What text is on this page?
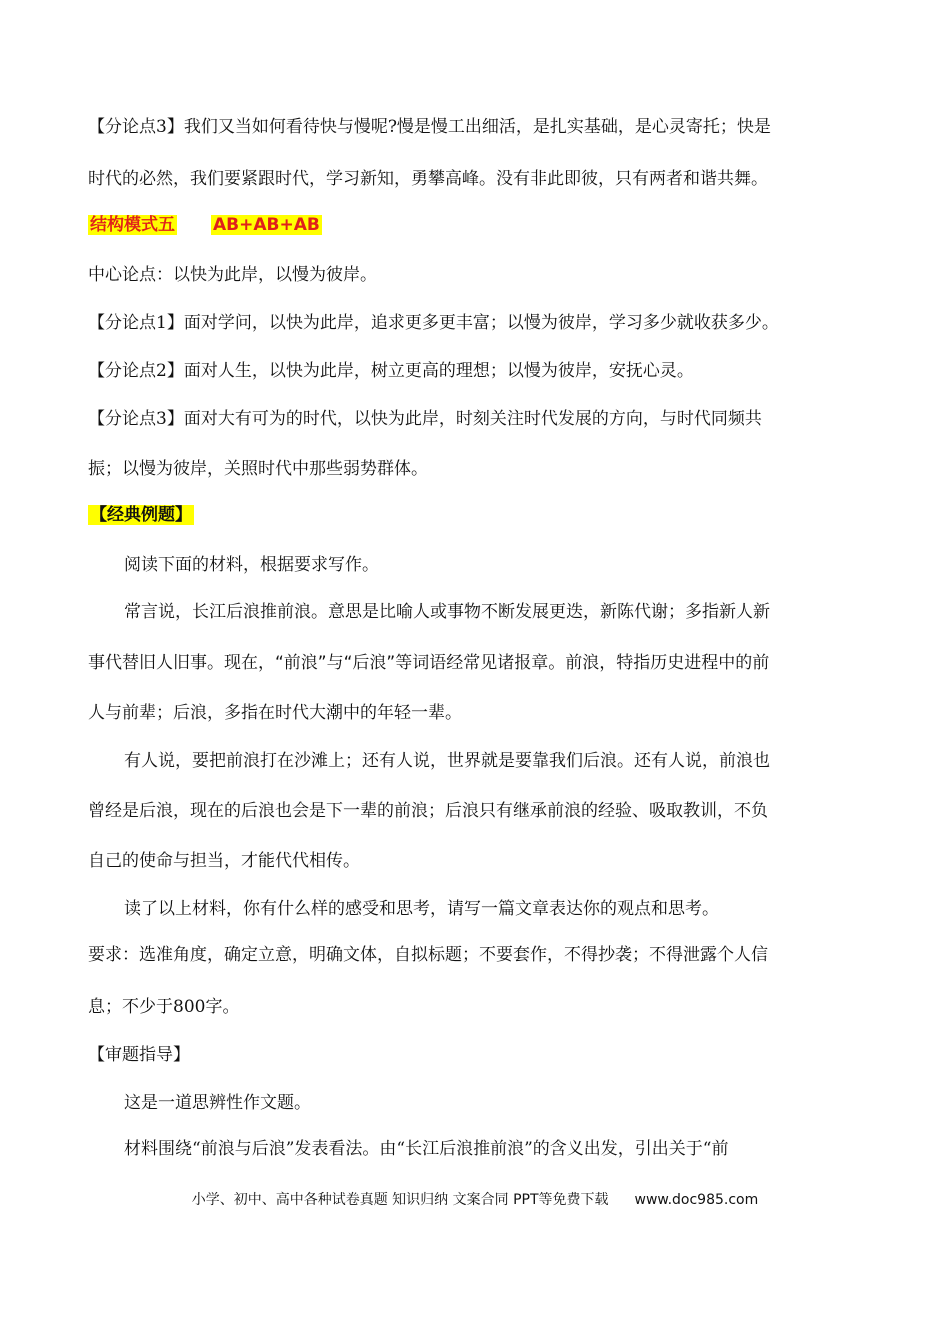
【分论点3】我们又当如何看待快与慢呢?慢是慢工出细活，是扎实基础，是心灵寄托；快是
时代的必然，我们要紧跟时代，学习新知，勇攀高峰。没有非此即彼，只有两者和谐共舞。
结构模式五 AB+AB+AB
中心论点：以快为此岸，以慢为彼岸。
【分论点1】面对学问，以快为此岸，追求更多更丰富；以慢为彼岸，学习多少就收获多少。
【分论点2】面对人生，以快为此岸，树立更高的理想；以慢为彼岸，安抚心灵。
【分论点3】面对大有可为的时代，以快为此岸，时刻关注时代发展的方向，与时代同频共
振；以慢为彼岸，关照时代中那些弱势群体。
【经典例题】
阅读下面的材料，根据要求写作。
常言说，长江后浪推前浪。意思是比喻人或事物不断发展更迭，新陈代谢；多指新人新
事代替旧人旧事。现在，“前浪”与“后浪”等词语经常见诸报章。前浪，特指历史进程中的前
人与前辈；后浪，多指在时代大潮中的年轻一辈。
有人说，要把前浪打在沙滩上；还有人说，世界就是要靠我们后浪。还有人说，前浪也
曾经是后浪，现在的后浪也会是下一辈的前浪；后浪只有继承前浪的经验、吸取教训，不负
自己的使命与担当，才能代代相传。
读了以上材料，你有什么样的感受和思考，请写一篇文章表达你的观点和思考。
要求：选准角度，确定立意，明确文体，自拟标题；不要套作，不得抄袭；不得泄露个人信
息；不少于800字。
【审题指导】
这是一道思辨性作文题。
材料围绕“前浪与后浪”发表看法。由“长江后浪推前浪”的含义出发，引出关于“前
小学、初中、高中各种试卷真题 知识归纳 文案合同 PPT等免费下载 www.doc985.com
